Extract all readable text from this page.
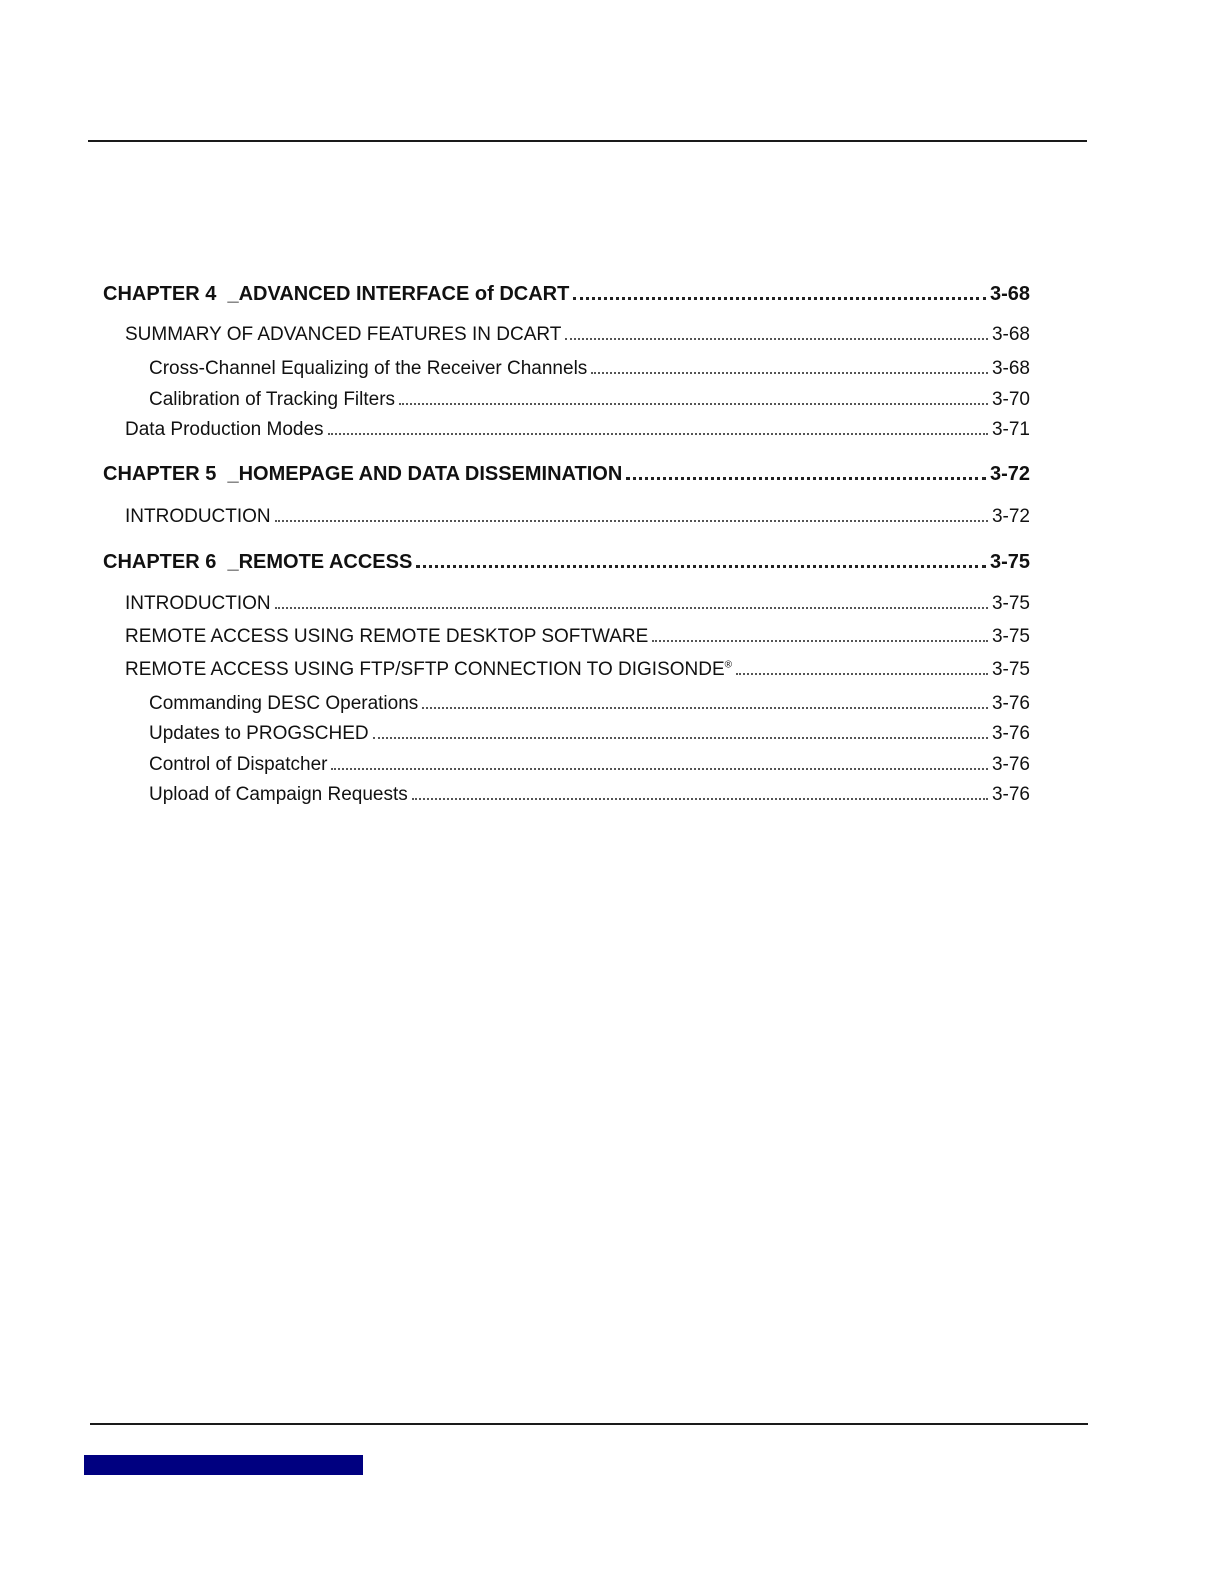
CHAPTER 4  _ADVANCED INTERFACE of DCART	3-68
SUMMARY OF ADVANCED FEATURES IN DCART	3-68
Cross-Channel Equalizing of the Receiver Channels	3-68
Calibration of Tracking Filters	3-70
Data Production Modes	3-71
CHAPTER 5  _HOMEPAGE AND DATA DISSEMINATION	3-72
INTRODUCTION	3-72
CHAPTER 6  _REMOTE ACCESS	3-75
INTRODUCTION	3-75
REMOTE ACCESS USING REMOTE DESKTOP SOFTWARE	3-75
REMOTE ACCESS USING FTP/SFTP CONNECTION TO DIGISONDE®	3-75
Commanding DESC Operations	3-76
Updates to PROGSCHED	3-76
Control of Dispatcher	3-76
Upload of Campaign Requests	3-76
